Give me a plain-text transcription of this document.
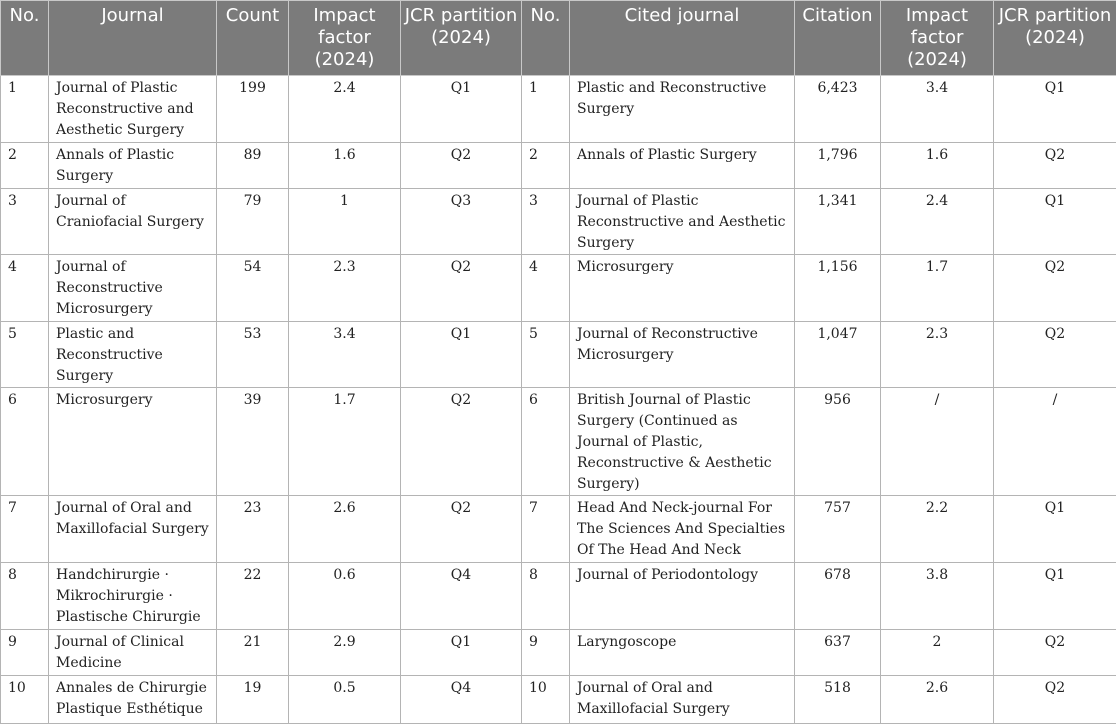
No.	Journal	Count	Impact factor (2024)	JCR partition (2024)	No.	Cited journal	Citation	Impact factor (2024)	JCR partition (2024)
1	Journal of Plastic Reconstructive and Aesthetic Surgery	199	2.4	Q1	1	Plastic and Reconstructive Surgery	6,423	3.4	Q1
2	Annals of Plastic Surgery	89	1.6	Q2	2	Annals of Plastic Surgery	1,796	1.6	Q2
3	Journal of Craniofacial Surgery	79	1	Q3	3	Journal of Plastic Reconstructive and Aesthetic Surgery	1,341	2.4	Q1
4	Journal of Reconstructive Microsurgery	54	2.3	Q2	4	Microsurgery	1,156	1.7	Q2
5	Plastic and Reconstructive Surgery	53	3.4	Q1	5	Journal of Reconstructive Microsurgery	1,047	2.3	Q2
6	Microsurgery	39	1.7	Q2	6	British Journal of Plastic Surgery (Continued as Journal of Plastic, Reconstructive & Aesthetic Surgery)	956	/	/
7	Journal of Oral and Maxillofacial Surgery	23	2.6	Q2	7	Head And Neck-journal For The Sciences And Specialties Of The Head And Neck	757	2.2	Q1
8	Handchirurgie · Mikrochirurgie · Plastische Chirurgie	22	0.6	Q4	8	Journal of Periodontology	678	3.8	Q1
9	Journal of Clinical Medicine	21	2.9	Q1	9	Laryngoscope	637	2	Q2
10	Annales de Chirurgie Plastique Esthétique	19	0.5	Q4	10	Journal of Oral and Maxillofacial Surgery	518	2.6	Q2
